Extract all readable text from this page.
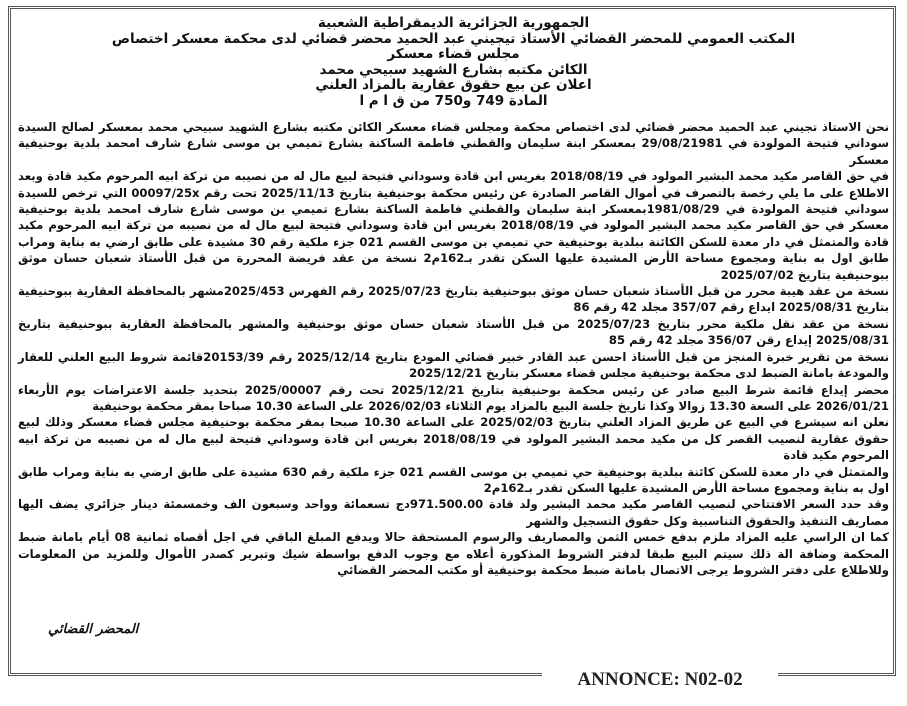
الجمهورية الجزائرية الديمقراطية الشعبية
المكتب العمومي للمحضر القضائي الأستاذ تيجيني عبد الحميد محضر قضائي لدى محكمة معسكر اختصاص
مجلس قضاء معسكر
الكائن مكتبه بشارع الشهيد سبيحي محمد
اعلان عن بيع حقوق عقارية بالمزاد العلني
المادة 749 و750 من ق ا م ا

نحن الاستاذ تجيني عبد الحميد محضر قضائي لدى اختصاص محكمة ومجلس قضاء معسكر الكائن مكتبه بشارع الشهيد سبيحي محمد بمعسكر لصالح السيدة سوداني فتيحة المولودة في 29/08/21981 بمعسكر ابنة سليمان والقطني فاطمة الساكنة بشارع تميمي بن موسى شارع شارف امحمد بلدية بوحنيفية معسكر

في حق القاصر مكيد محمد البشير المولود في 2018/08/19 بغريس ابن قادة وسوداني فتيحة لبيع مال له من نصيبه من تركة ابيه المرحوم مكيد قادة وبعد الاطلاع على ما يلي رخصة بالتصرف في أموال القاصر الصادرة عن رئيس محكمة بوحنيفية بتاريخ 2025/11/13 تحت رقم 00097/25x التي ترخص للسيدة سوداني فتيحة المولودة في 1981/08/29بمعسكر ابنة سليمان والقطني فاطمة الساكنة بشارع تميمي بن موسى شارع شارف امحمد بلدية بوحنيفية معسكر في حق القاصر مكيد محمد البشير المولود في 2018/08/19 بغريس ابن قادة وسوداني فتيحة لبيع مال له من نصيبه من تركة ابيه المرحوم مكيد قادة والمتمثل في دار معدة للسكن الكائنة ببلدية بوحنيفية حي تميمي بن موسى القسم 021 جزء ملكية رقم 30 مشيدة على طابق ارضي به بناية ومراب طابق اول به بناية ومجموع مساحة الأرض المشيدة عليها السكن تقدر بـ162م2 نسخة من عقد فريضة المحررة من قبل الأستاذ شعبان حسان موثق ببوحنيفية بتاريخ 2025/07/02

نسخة من عقد هيبة محرر من قبل الأستاذ شعبان حسان موثق ببوحنيفية بتاريخ 2025/07/23 رقم الفهرس 2025/453مشهر بالمحافظة العقارية ببوحنيفية بتاريخ 2025/08/31 ايداع رقم 357/07 مجلد 42 رقم 86

نسخة من عقد نقل ملكية محرر بتاريخ 2025/07/23 من قبل الأستاذ شعبان حسان موثق بوحنيفية والمشهر بالمحافظة العقارية ببوحنيفية بتاريخ 2025/08/31 إيداع رقن 356/07 مجلد 42 رقم 85

نسخة من تقرير خبرة المنجز من قبل الأستاذ احسن عبد القادر خبير قضائي المودع بتاريخ 2025/12/14 رقم 20153/39قائمة شروط البيع العلني للعقار والمودعة بامانة الضبط لدى محكمة بوحنيفية مجلس قضاء معسكر بتاريخ 2025/12/21

محضر إيداع قائمة شرط البيع صادر عن رئيس محكمة بوحنيفية بتاريخ 2025/12/21 تحت رقم 2025/00007 بتحديد جلسة الاعتراضات يوم الأربعاء 2026/01/21 على السعة 13.30 زوالا وكذا تاريخ جلسة البيع بالمزاد يوم الثلاثاء 2026/02/03 على الساعة 10.30 صباحا بمقر محكمة بوحنيفية

نعلن انه سيشرع في البيع عن طريق المزاد العلني بتاريخ 2025/02/03 على الساعة 10.30 صبحا بمقر محكمة بوحنيفية مجلس قضاء معسكر وذلك لبيع حقوق عقارية لنصيب القصر كل من مكيد محمد البشير المولود في 2018/08/19 بغريس ابن قادة وسوداني فتيحة لبيع مال له من نصيبه من تركة ابيه المرحوم مكيد قادة

والمتمثل في دار معدة للسكن كائنة ببلدية بوحنيفية حي تميمي بن موسى القسم 021 جزء ملكية رقم 630 مشيدة على طابق ارضي به بناية ومراب طابق اول به بناية ومجموع مساحة الأرض المشيدة عليها السكن تقدر بـ162م2

وقد حدد السعر الافتتاحي لنصيب القاصر مكيد محمد البشير ولد قادة 971.500.00دج تسعمائة وواحد وسبعون الف وخمسمئة دينار جزائري يضف اليها مصاريف التنفيذ والحقوق التناسبية وكل حقوق التسجيل والشهر

كما ان الراسي عليه المزاد ملزم بدفع خمس الثمن والمصاريف والرسوم المستحقة حالا ويدفع المبلغ الباقي في اجل أقصاه ثمانية 08 أيام بامانة ضبط المحكمة وضافة الة ذلك سيتم البيع طبقا لدفتر الشروط المذكورة أعلاه مع وجوب الدفع بواسطة شيك وتبرير كصدر الأموال وللمزيد من المعلومات وللاطلاع على دفتر الشروط يرجى الاتصال بامانة ضبط محكمة بوحنيفية أو مكتب المحضر القضائي

المحضر القضائي
ANNONCE: N02-02
